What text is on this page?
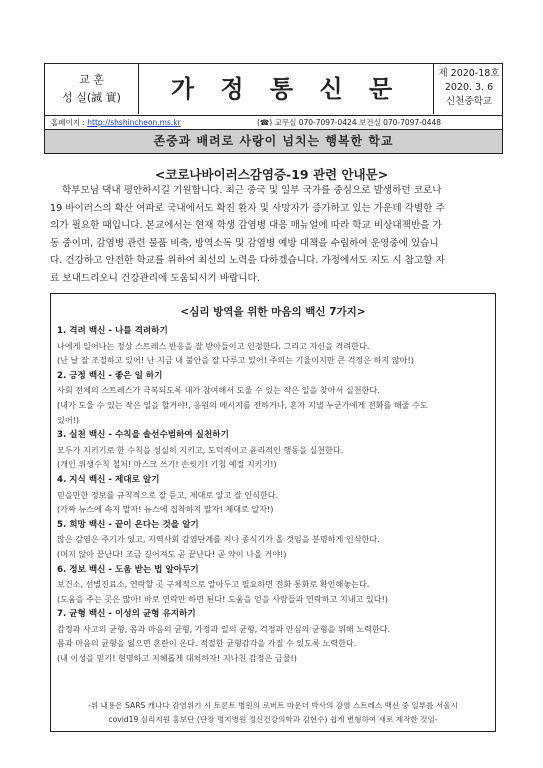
교 훈
성 실(誠 實)	가 정 통 신 문
제 2020-18호
2020. 3. 6
신천중학교
홈페이지 : http://shshincheon.ms.kr	(☎) 교무실 070-7097-0424 보건실 070-7097-0448
존중과 배려로 사랑이 넘치는 행복한 학교
<코로나바이러스감염증-19 관련 안내문>

학부모님 댁내 평안하시길 기원합니다. 최근 중국 및 일부 국가를 중심으로 발생하던 코로나
19 바이러스의 확산 여파로 국내에서도 확진 환자 및 사망자가 증가하고 있는 가운데 각별한 주
의가 필요한 때입니다. 본교에서는 현재 학생 감염병 대응 매뉴얼에 따라 학교 비상대책반을 가
동 중이며, 감염병 관련 물품 비축, 방역소독 및 감염병 예방 대책을 수립하여 운영중에 있습니
다. 건강하고 안전한 학교를 위하여 최선의 노력을 다하겠습니다. 가정에서도 지도 시 참고할 자
료 보내드리오니 건강관리에 도움되시기 바랍니다.

<심리 방역을 위한 마음의 백신 7가지>
1. 격려 백신 - 나를 격려하기
나에게 일어나는 정상 스트레스 반응을 잘 받아들이고 인정한다. 그리고 자신을 격려한다.
(난 날 잘 조절하고 있어! 난 지금 내 불안을 잘 다루고 있어! 주의는 기울이지만 큰 걱정은 하지 않아!)
2. 긍정 백신 - 좋은 일 하기
사회 전체의 스트레스가 극복되도록 내가 참여해서 도울 수 있는 작은 일을 찾아서 실천한다.
(내가 도울 수 있는 작은 일을 할거야!, 응원의 메시지를 전하거나, 혼자 지낼 누군가에게 전화를 해줄 수도
있어!)
3. 실천 백신 - 수칙을 솔선수범하여 실천하기
모두가 지키기로 한 수칙을 성실히 지키고, 도덕적이고 윤리적인 행동을 실천한다.
(개인 위생수칙 철저! 마스크 쓰기! 손씻기! 기침 예절 지키기!)
4. 지식 백신 - 제대로 알기
믿을만한 정보를 규칙적으로 잘 듣고, 제대로 알고 잘 인식한다.
(가짜 뉴스에 속지 말자! 뉴스에 집착하지 말자! 제대로 알자!)
5. 희망 백신 - 끝이 온다는 것을 알기
많은 감염은 주기가 있고, 지역사회 감염단계를 지나 종식기가 올 것임을 분명하게 인식한다.
(머지 않아 끝난다! 조금 길어져도 곧 끝난다! 곧 약이 나올 거야!)
6. 정보 백신 - 도움 받는 법 알아두기
보건소, 선별진료소, 연락할 곳 구체적으로 알아두고 필요하면 전화 통화로 확인해놓는다.
(도움을 주는 곳은 많아! 바로 연락만 하면 된다! 도움을 얻을 사람들과 연락하고 지내고 있다!)
7. 균형 백신 - 이성의 균형 유지하기
감정과 사고의 균형, 몸과 마음의 균형, 가정과 일의 균형, 걱정과 안심의 균형을 위해 노력한다.
몸과 마음의 균형을 잃으면 혼란이 온다. 적절한 균형감각을 가질 수 있도록 노력한다.
(내 이성을 믿기! 현명하고 지혜롭게 대처하자! 지나친 감정은 금물!)
-위 내용은 SARS 캐나다 감염위기 시 토론토 병원의 로버트 마운더 박사의 감염 스트레스 백신 중 일부를 서울시
covid19 심리지원 홍보단 (단장 명지병원 정신건강의학과 김현수) 쉽게 변형하여 새로 제작한 것임-
